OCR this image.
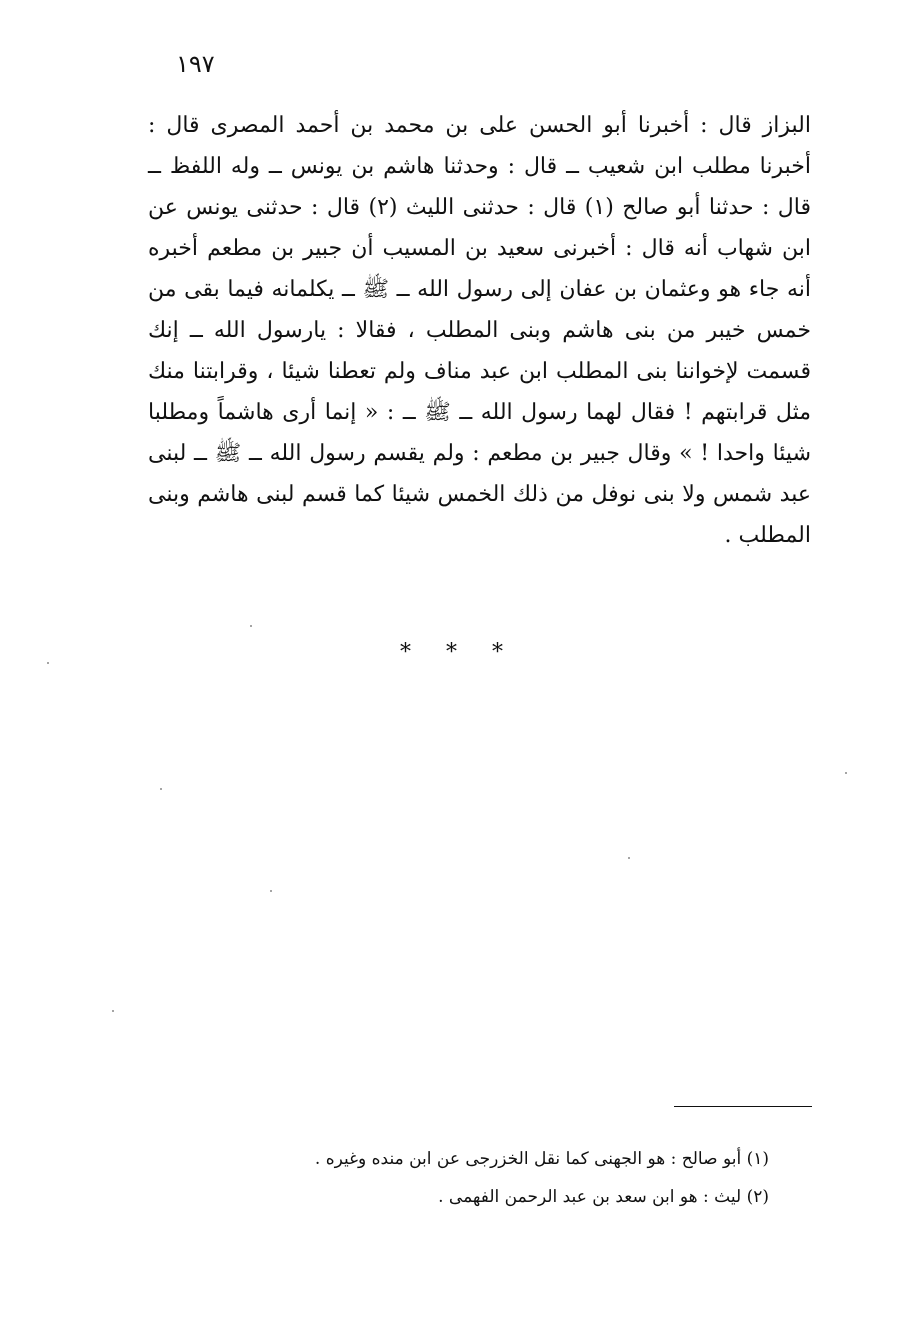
١٩٧

البزاز قال : أخبرنا أبو الحسن على بن محمد بن أحمد المصرى قال : أخبرنا مطلب ابن شعيب ــ قال : وحدثنا هاشم بن يونس ــ وله اللفظ ــ قال : حدثنا أبو صالح (١) قال : حدثنى الليث (٢) قال : حدثنى يونس عن ابن شهاب أنه قال : أخبرنى سعيد بن المسيب أن جبير بن مطعم أخبره أنه جاء هو وعثمان بن عفان إلى رسول الله ــ ﷺ ــ يكلمانه فيما بقى من خمس خيبر من بنى هاشم وبنى المطلب ، فقالا : يارسول الله ــ إنك قسمت لإخواننا بنى المطلب ابن عبد مناف ولم تعطنا شيئا ، وقرابتنا منك مثل قرابتهم ! فقال لهما رسول الله ــ ﷺ ــ : « إنما أرى هاشماً ومطلبا شيئا واحدا ! » وقال جبير بن مطعم : ولم يقسم رسول الله ــ ﷺ ــ لبنى عبد شمس ولا بنى نوفل من ذلك الخمس شيئا كما قسم لبنى هاشم وبنى المطلب .

* * *

(١) أبو صالح : هو الجهنى كما نقل الخزرجى عن ابن منده وغيره .

(٢) ليث : هو ابن سعد بن عبد الرحمن الفهمى .
